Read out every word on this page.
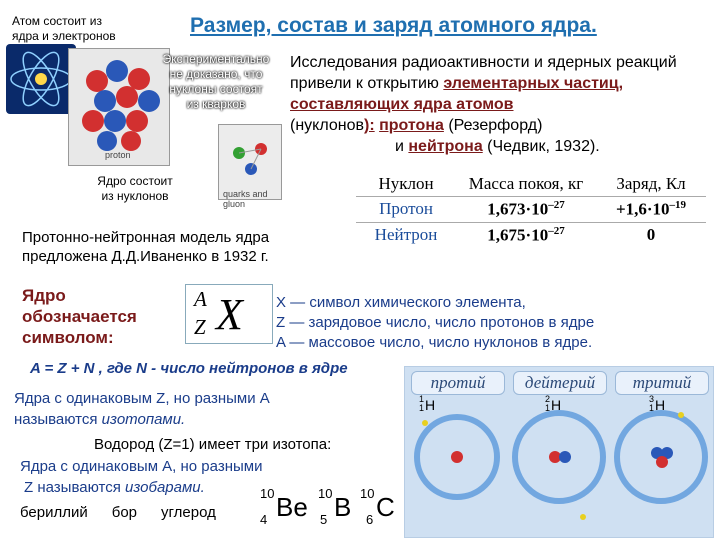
Атом состоит из
ядра и электронов	Размер, состав и заряд атомного ядра.
proton
quarks and gluon
Экспериментально
не доказано, что
нуклоны состоят
из кварков
Ядро состоит
из нуклонов
Исследования радиоактивности и ядерных реакций привели к открытию элементарных частиц, составляющих ядра атомов
(нуклонов): протона (Резерфорд)
и нейтрона (Чедвик, 1932).
Нуклон	Масса покоя, кг	Заряд, Кл
Протон	$1,673\cdot 10^{-27}$	$+1,6\cdot 10^{-19}$
Нейтрон	$1,675\cdot 10^{-27}$	0
Протонно-нейтронная модель ядра
предложена Д.Д.Иваненко в 1932 г.
Ядро
обозначается
символом:
A
Z X X — символ химического элемента,
Z — зарядовое число, число протонов в ядре
A — массовое число, число нуклонов в ядре.
A = Z + N , где N - число нейтронов в ядре
Ядра с одинаковым Z, но разными A
называются изотопами.
Водород (Z=1) имеет три изотопа:
Ядра с одинаковым А, но разными
Z называются изобарами.
бериллий бор углерод
10
4 Be 10
5 B 10
6 C
протий	дейтерий	тритий
1
1 H	2
1 H	3
1 H
